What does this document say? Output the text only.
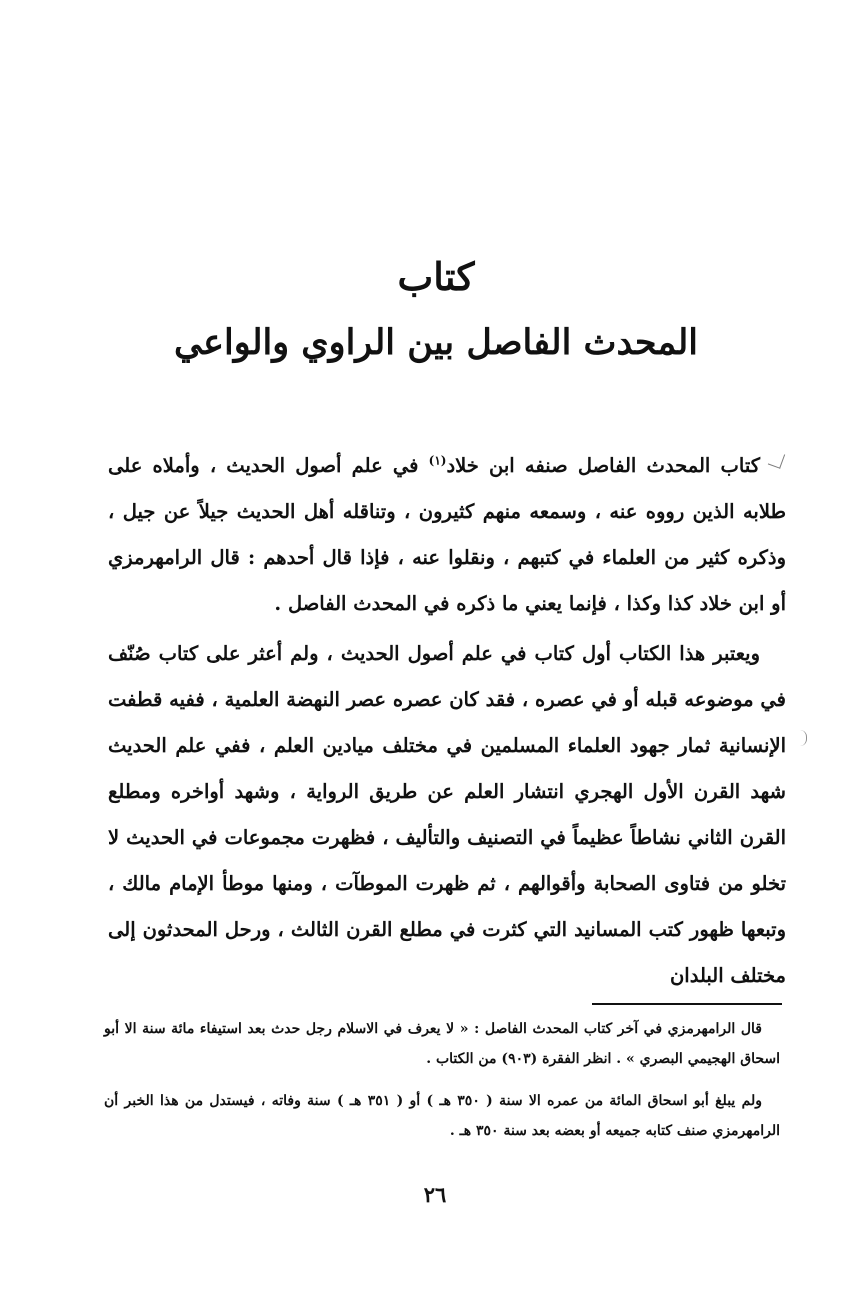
كتاب
المحدث الفاصل بين الراوي والواعي

كتاب المحدث الفاصل صنفه ابن خلاد$^{(١)}$ في علم أصول الحديث ، وأملاه على طلابه الذين رووه عنه ، وسمعه منهم كثيرون ، وتناقله أهل الحديث جيلاً عن جيل ، وذكره كثير من العلماء في كتبهم ، ونقلوا عنه ، فإذا قال أحدهم : قال الرامهرمزي أو ابن خلاد كذا وكذا ، فإنما يعني ما ذكره في المحدث الفاصل .

ويعتبر هذا الكتاب أول كتاب في علم أصول الحديث ، ولم أعثر على كتاب صُنّف في موضوعه قبله أو في عصره ، فقد كان عصره عصر النهضة العلمية ، ففيه قطفت الإنسانية ثمار جهود العلماء المسلمين في مختلف ميادين العلم ، ففي علم الحديث شهد القرن الأول الهجري انتشار العلم عن طريق الرواية ، وشهد أواخره ومطلع القرن الثاني نشاطاً عظيماً في التصنيف والتأليف ، فظهرت مجموعات في الحديث لا تخلو من فتاوى الصحابة وأقوالهم ، ثم ظهرت الموطآت ، ومنها موطأ الإمام مالك ، وتبعها ظهور كتب المسانيد التي كثرت في مطلع القرن الثالث ، ورحل المحدثون إلى مختلف البلدان

قال الرامهرمزي في آخر كتاب المحدث الفاصل : « لا يعرف في الاسلام رجل حدث بعد استيفاء مائة سنة الا أبو اسحاق الهجيمي البصري » . انظر الفقرة (٩٠٣) من الكتاب .

ولم يبلغ أبو اسحاق المائة من عمره الا سنة ( ٣٥٠ هـ ) أو ( ٣٥١ هـ ) سنة وفاته ، فيستدل من هذا الخبر أن الرامهرمزي صنف كتابه جميعه أو بعضه بعد سنة ٣٥٠ هـ .

٢٦
